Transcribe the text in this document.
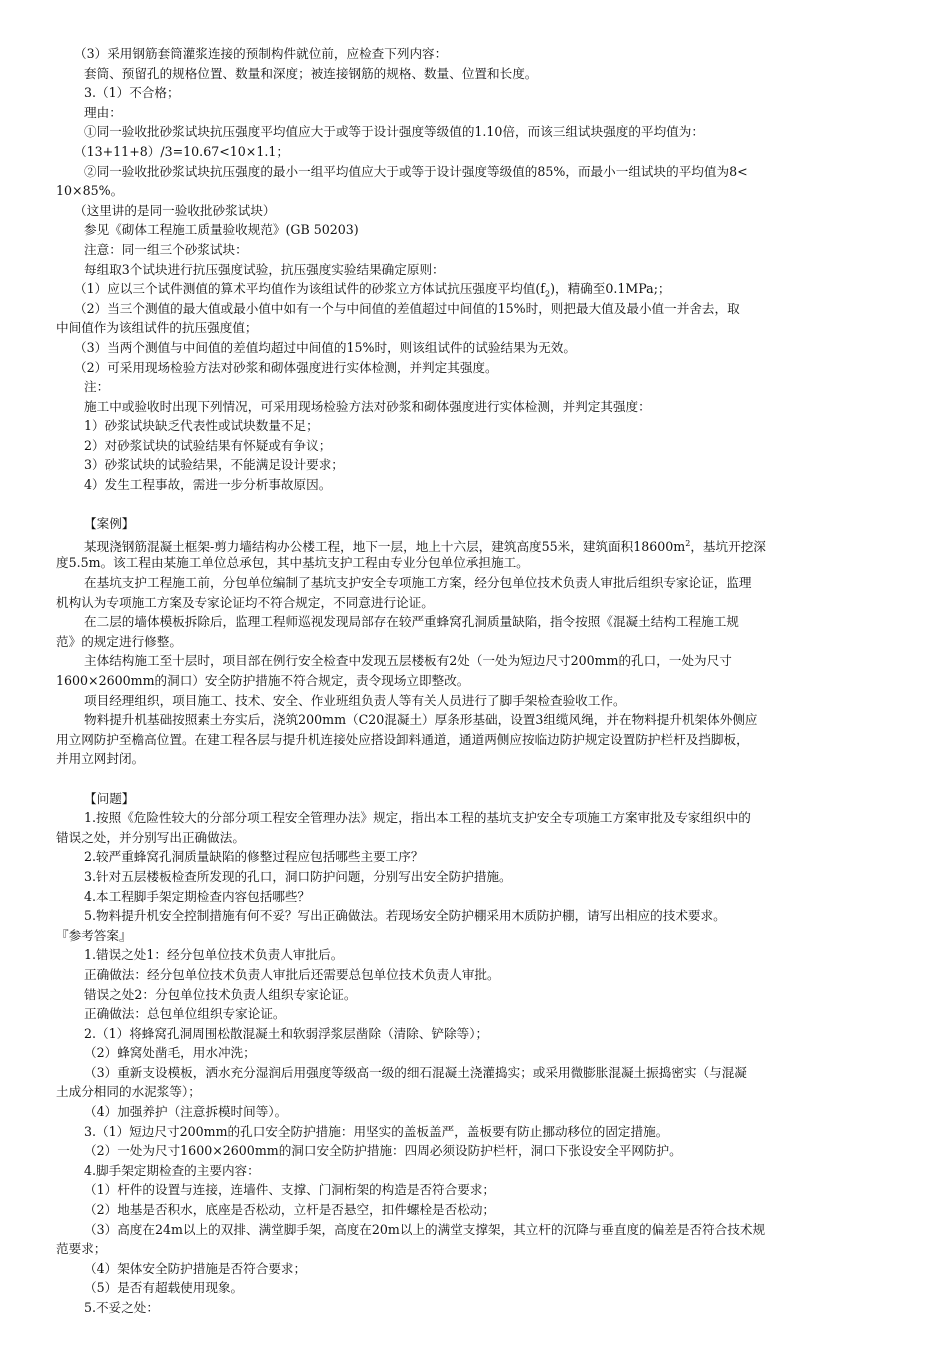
（3）采用钢筋套筒灌浆连接的预制构件就位前，应检查下列内容：
套筒、预留孔的规格位置、数量和深度；被连接钢筋的规格、数量、位置和长度。
3.（1）不合格；
理由：
①同一验收批砂浆试块抗压强度平均值应大于或等于设计强度等级值的1.10倍，而该三组试块强度的平均值为：
（13+11+8）/3=10.67<10×1.1；
②同一验收批砂浆试块抗压强度的最小一组平均值应大于或等于设计强度等级值的85%，而最小一组试块的平均值为8<
10×85%。
（这里讲的是同一验收批砂浆试块）
参见《砌体工程施工质量验收规范》(GB 50203)
注意：同一组三个砂浆试块：
每组取3个试块进行抗压强度试验，抗压强度实验结果确定原则：
（1）应以三个试件测值的算术平均值作为该组试件的砂浆立方体试抗压强度平均值$(f_2)$，精确至0.1MPa;；
（2）当三个测值的最大值或最小值中如有一个与中间值的差值超过中间值的15%时，则把最大值及最小值一并舍去，取
中间值作为该组试件的抗压强度值；
（3）当两个测值与中间值的差值均超过中间值的15%时，则该组试件的试验结果为无效。
（2）可采用现场检验方法对砂浆和砌体强度进行实体检测，并判定其强度。
注：
施工中或验收时出现下列情况，可采用现场检验方法对砂浆和砌体强度进行实体检测，并判定其强度：
1）砂浆试块缺乏代表性或试块数量不足；
2）对砂浆试块的试验结果有怀疑或有争议；
3）砂浆试块的试验结果，不能满足设计要求；
4）发生工程事故，需进一步分析事故原因。
【案例】
某现浇钢筋混凝土框架-剪力墙结构办公楼工程，地下一层，地上十六层，建筑高度55米，建筑面积$18600m^2$，基坑开挖深
度5.5m。该工程由某施工单位总承包，其中基坑支护工程由专业分包单位承担施工。
在基坑支护工程施工前，分包单位编制了基坑支护安全专项施工方案，经分包单位技术负责人审批后组织专家论证，监理
机构认为专项施工方案及专家论证均不符合规定，不同意进行论证。
在二层的墙体模板拆除后，监理工程师巡视发现局部存在较严重蜂窝孔洞质量缺陷，指令按照《混凝土结构工程施工规
范》的规定进行修整。
主体结构施工至十层时，项目部在例行安全检查中发现五层楼板有2处（一处为短边尺寸200mm的孔口，一处为尺寸
1600×2600mm的洞口）安全防护措施不符合规定，责令现场立即整改。
项目经理组织，项目施工、技术、安全、作业班组负责人等有关人员进行了脚手架检查验收工作。
物料提升机基础按照素土夯实后，浇筑200mm（C20混凝土）厚条形基础，设置3组缆风绳，并在物料提升机架体外侧应
用立网防护至檐高位置。在建工程各层与提升机连接处应搭设卸料通道，通道两侧应按临边防护规定设置防护栏杆及挡脚板，
并用立网封闭。
【问题】
1.按照《危险性较大的分部分项工程安全管理办法》规定，指出本工程的基坑支护安全专项施工方案审批及专家组织中的
错误之处，并分别写出正确做法。
2.较严重蜂窝孔洞质量缺陷的修整过程应包括哪些主要工序？
3.针对五层楼板检查所发现的孔口，洞口防护问题，分别写出安全防护措施。
4.本工程脚手架定期检查内容包括哪些？
5.物料提升机安全控制措施有何不妥？写出正确做法。若现场安全防护棚采用木质防护棚，请写出相应的技术要求。
『参考答案』
1.错误之处1：经分包单位技术负责人审批后。
正确做法：经分包单位技术负责人审批后还需要总包单位技术负责人审批。
错误之处2：分包单位技术负责人组织专家论证。
正确做法：总包单位组织专家论证。
2.（1）将蜂窝孔洞周围松散混凝土和软弱浮浆层凿除（清除、铲除等）；
（2）蜂窝处凿毛，用水冲洗；
（3）重新支设模板，洒水充分湿润后用强度等级高一级的细石混凝土浇灌捣实；或采用微膨胀混凝土振捣密实（与混凝
土成分相同的水泥浆等）；
（4）加强养护（注意拆模时间等）。
3.（1）短边尺寸200mm的孔口安全防护措施：用坚实的盖板盖严，盖板要有防止挪动移位的固定措施。
（2）一处为尺寸1600×2600mm的洞口安全防护措施：四周必须设防护栏杆，洞口下张设安全平网防护。
4.脚手架定期检查的主要内容：
（1）杆件的设置与连接，连墙件、支撑、门洞桁架的构造是否符合要求；
（2）地基是否积水，底座是否松动，立杆是否悬空，扣件螺栓是否松动；
（3）高度在24m以上的双排、满堂脚手架，高度在20m以上的满堂支撑架，其立杆的沉降与垂直度的偏差是否符合技术规
范要求；
（4）架体安全防护措施是否符合要求；
（5）是否有超载使用现象。
5.不妥之处：
